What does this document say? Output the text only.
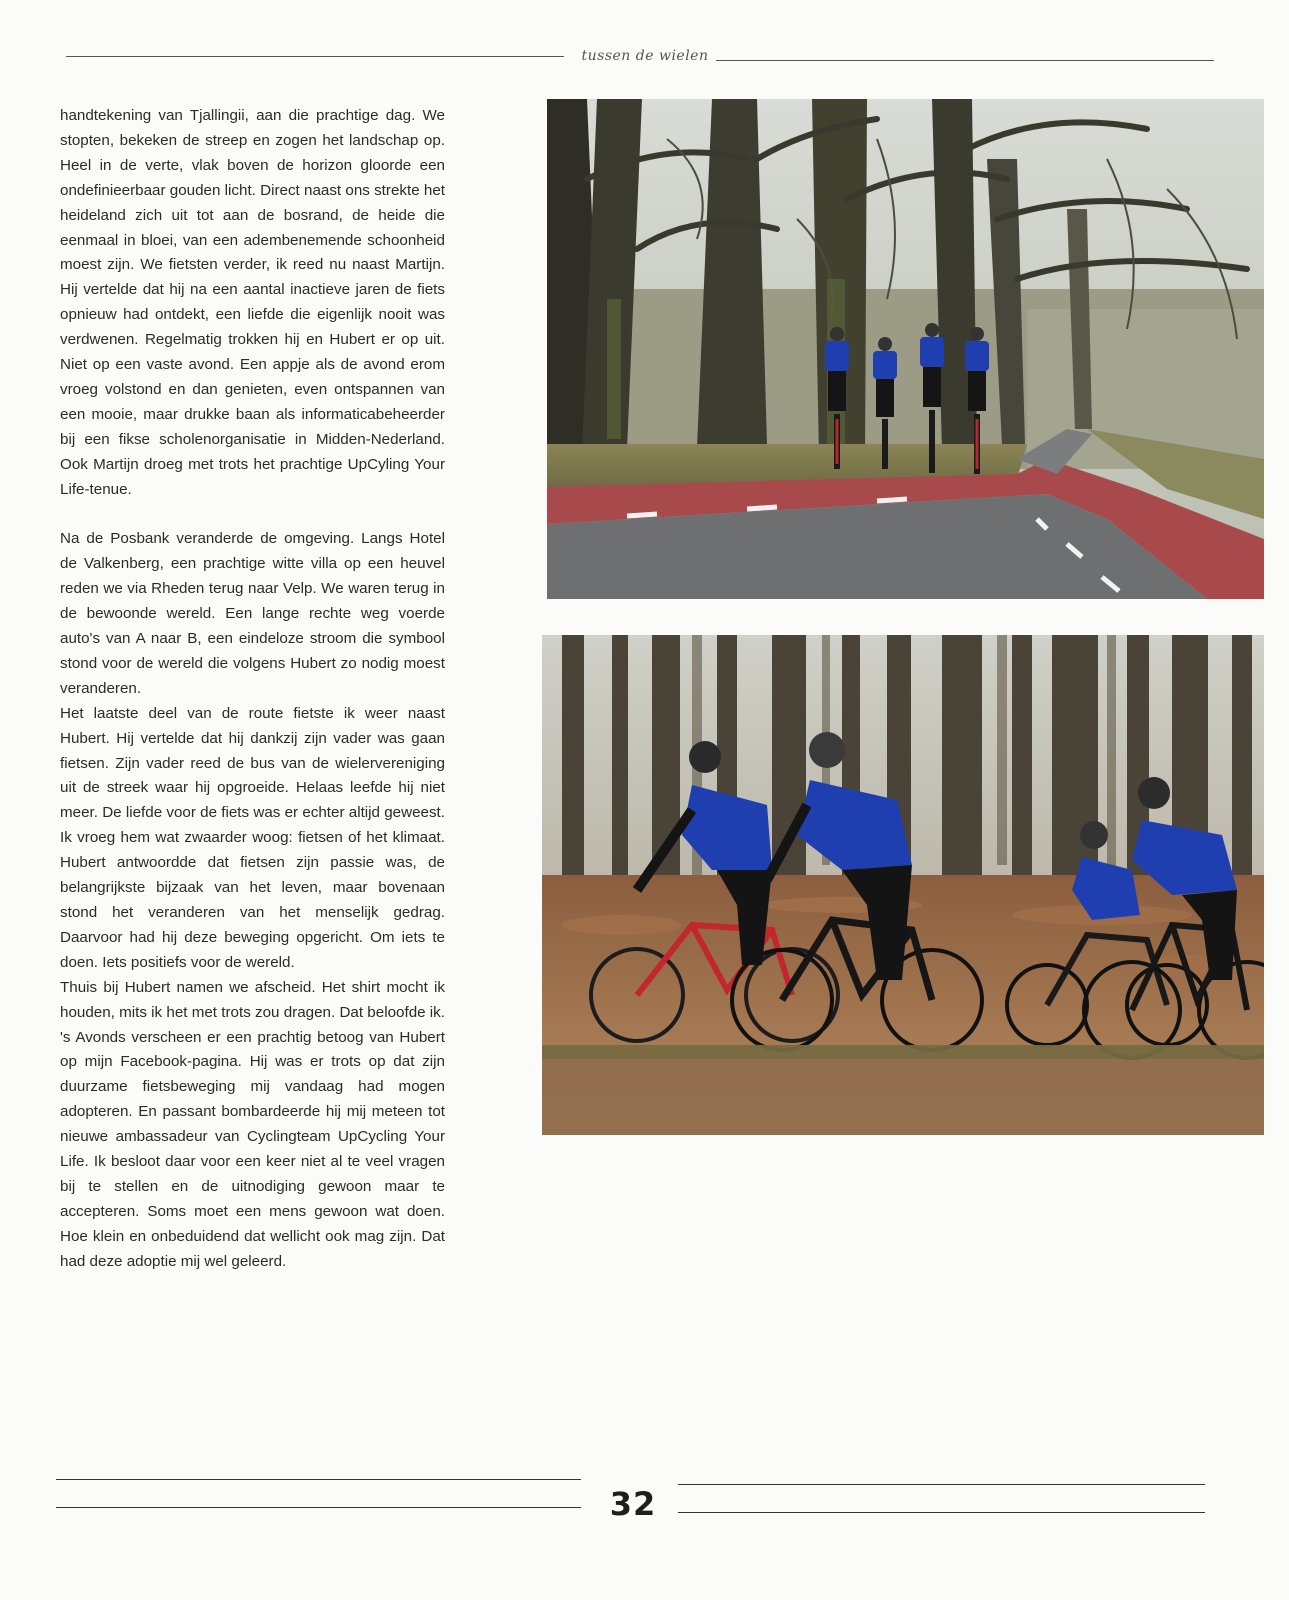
tussen de wielen

handtekening van Tjallingii, aan die prachtige dag. We stopten, bekeken de streep en zogen het landschap op. Heel in de verte, vlak boven de horizon gloorde een ondefinieerbaar gouden licht. Direct naast ons strekte het heideland zich uit tot aan de bosrand, de heide die eenmaal in bloei, van een adembenemende schoonheid moest zijn. We fietsten verder, ik reed nu naast Martijn. Hij vertelde dat hij na een aantal inactieve jaren de fiets opnieuw had ontdekt, een liefde die eigenlijk nooit was verdwenen. Regelmatig trokken hij en Hubert er op uit. Niet op een vaste avond. Een appje als de avond erom vroeg volstond en dan genieten, even ontspannen van een mooie, maar drukke baan als informaticabeheerder bij een fikse scholenorganisatie in Midden-Nederland. Ook Martijn droeg met trots het prachtige UpCyling Your Life-tenue.

Na de Posbank veranderde de omgeving. Langs Hotel de Valkenberg, een prachtige witte villa op een heuvel reden we via Rheden terug naar Velp. We waren terug in de bewoonde wereld. Een lange rechte weg voerde auto's van A naar B, een eindeloze stroom die symbool stond voor de wereld die volgens Hubert zo nodig moest veranderen.

Het laatste deel van de route fietste ik weer naast Hubert. Hij vertelde dat hij dankzij zijn vader was gaan fietsen. Zijn vader reed de bus van de wielervereniging uit de streek waar hij opgroeide. Helaas leefde hij niet meer. De liefde voor de fiets was er echter altijd geweest. Ik vroeg hem wat zwaarder woog: fietsen of het klimaat. Hubert antwoordde dat fietsen zijn passie was, de belangrijkste bijzaak van het leven, maar bovenaan stond het veranderen van het menselijk gedrag. Daarvoor had hij deze beweging opgericht. Om iets te doen. Iets positiefs voor de wereld.

Thuis bij Hubert namen we afscheid. Het shirt mocht ik houden, mits ik het met trots zou dragen. Dat beloofde ik. 's Avonds verscheen er een prachtig betoog van Hubert op mijn Facebook-pagina. Hij was er trots op dat zijn duurzame fietsbeweging mij vandaag had mogen adopteren. En passant bombardeerde hij mij meteen tot nieuwe ambassadeur van Cyclingteam UpCycling Your Life. Ik besloot daar voor een keer niet al te veel vragen bij te stellen en de uitnodiging gewoon maar te accepteren. Soms moet een mens gewoon wat doen. Hoe klein en onbeduidend dat wellicht ook mag zijn. Dat had deze adoptie mij wel geleerd.

32
